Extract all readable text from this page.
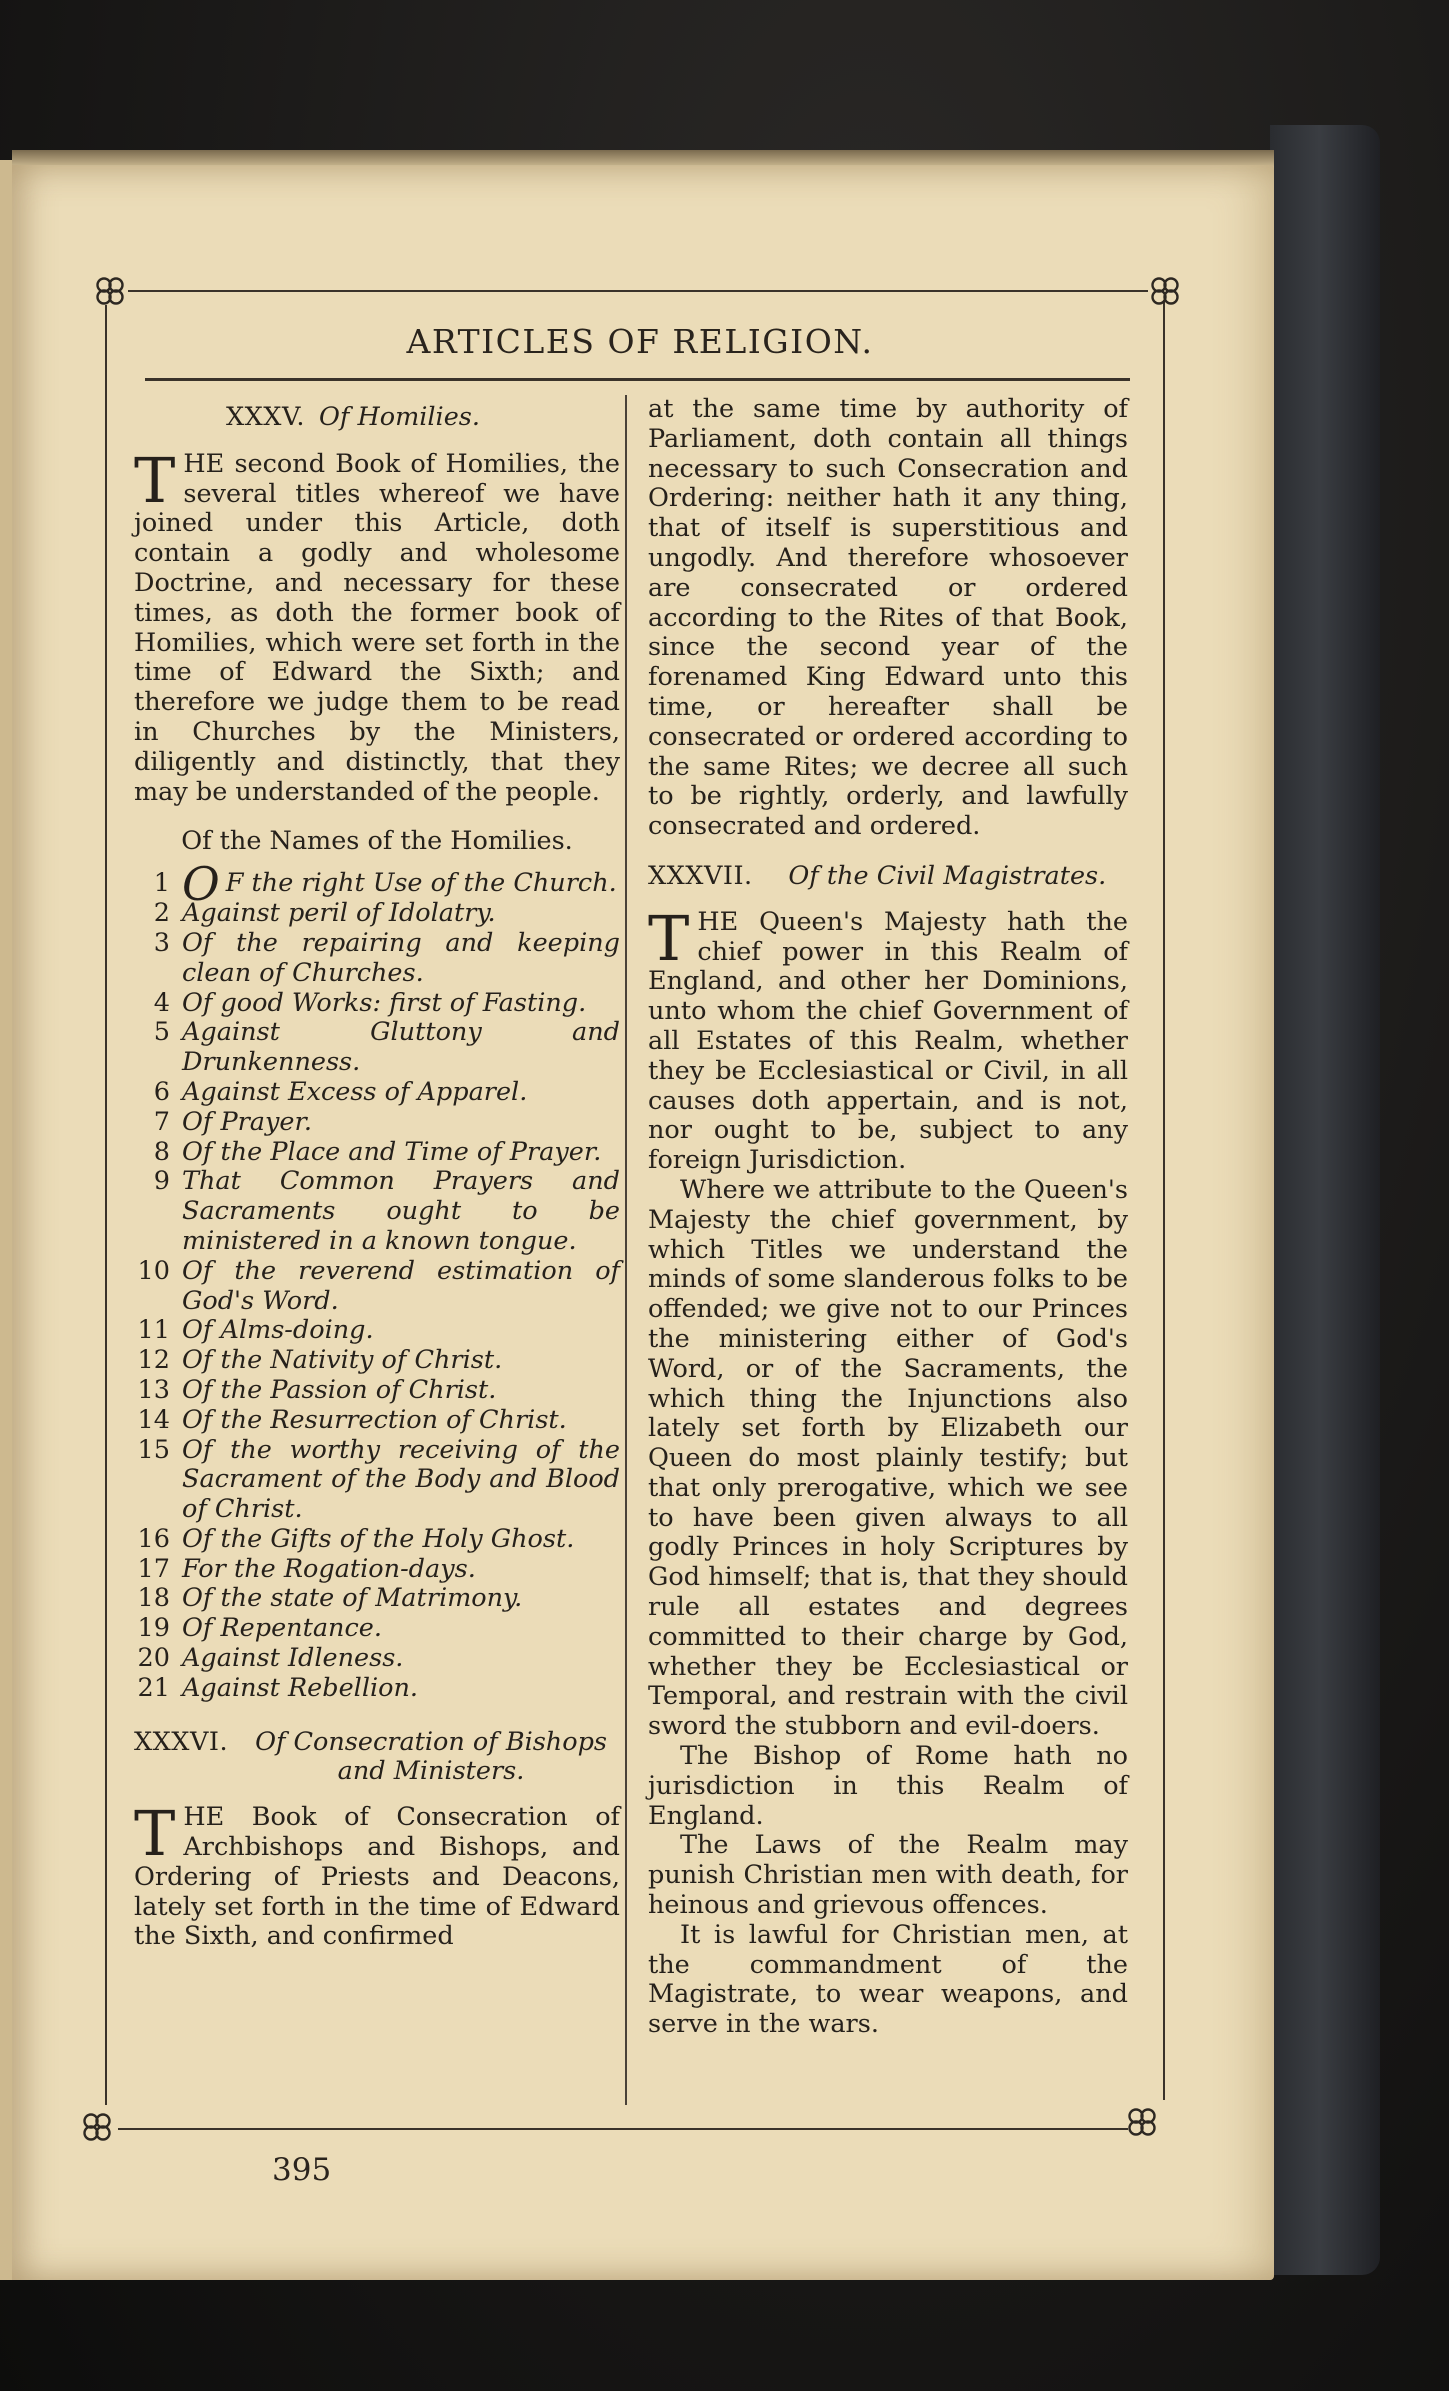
ARTICLES OF RELIGION.
XXXV. Of Homilies.

THE second Book of Homilies, the several titles whereof we have joined under this Article, doth contain a godly and wholesome Doctrine, and necessary for these times, as doth the former book of Homilies, which were set forth in the time of Edward the Sixth; and therefore we judge them to be read in Churches by the Ministers, diligently and distinctly, that they may be understanded of the people.

Of the Names of the Homilies.

1 O F the right Use of the Church.
2 Against peril of Idolatry.
3 Of the repairing and keeping clean of Churches.
4 Of good Works: first of Fasting.
5 Against Gluttony and Drunkenness.
6 Against Excess of Apparel.
7 Of Prayer.
8 Of the Place and Time of Prayer.
9 That Common Prayers and Sacraments ought to be ministered in a known tongue.
10 Of the reverend estimation of God's Word.
11 Of Alms-doing.
12 Of the Nativity of Christ.
13 Of the Passion of Christ.
14 Of the Resurrection of Christ.
15 Of the worthy receiving of the Sacrament of the Body and Blood of Christ.
16 Of the Gifts of the Holy Ghost.
17 For the Rogation-days.
18 Of the state of Matrimony.
19 Of Repentance.
20 Against Idleness.
21 Against Rebellion.
XXXVI.	Of Consecration of Bishops and Ministers.

THE Book of Consecration of Archbishops and Bishops, and Ordering of Priests and Deacons, lately set forth in the time of Edward the Sixth, and confirmed

at the same time by authority of Parliament, doth contain all things necessary to such Consecration and Ordering: neither hath it any thing, that of itself is superstitious and ungodly. And therefore whosoever are consecrated or ordered according to the Rites of that Book, since the second year of the forenamed King Edward unto this time, or hereafter shall be consecrated or ordered according to the same Rites; we decree all such to be rightly, orderly, and lawfully consecrated and ordered.

XXXVII.	Of the Civil Magistrates.

THE Queen's Majesty hath the chief power in this Realm of England, and other her Dominions, unto whom the chief Government of all Estates of this Realm, whether they be Ecclesiastical or Civil, in all causes doth appertain, and is not, nor ought to be, subject to any foreign Jurisdiction.

Where we attribute to the Queen's Majesty the chief government, by which Titles we understand the minds of some slanderous folks to be offended; we give not to our Princes the ministering either of God's Word, or of the Sacraments, the which thing the Injunctions also lately set forth by Elizabeth our Queen do most plainly testify; but that only prerogative, which we see to have been given always to all godly Princes in holy Scriptures by God himself; that is, that they should rule all estates and degrees committed to their charge by God, whether they be Ecclesiastical or Temporal, and restrain with the civil sword the stubborn and evil-doers.

The Bishop of Rome hath no jurisdiction in this Realm of England.

The Laws of the Realm may punish Christian men with death, for heinous and grievous offences.

It is lawful for Christian men, at the commandment of the Magistrate, to wear weapons, and serve in the wars.

395
